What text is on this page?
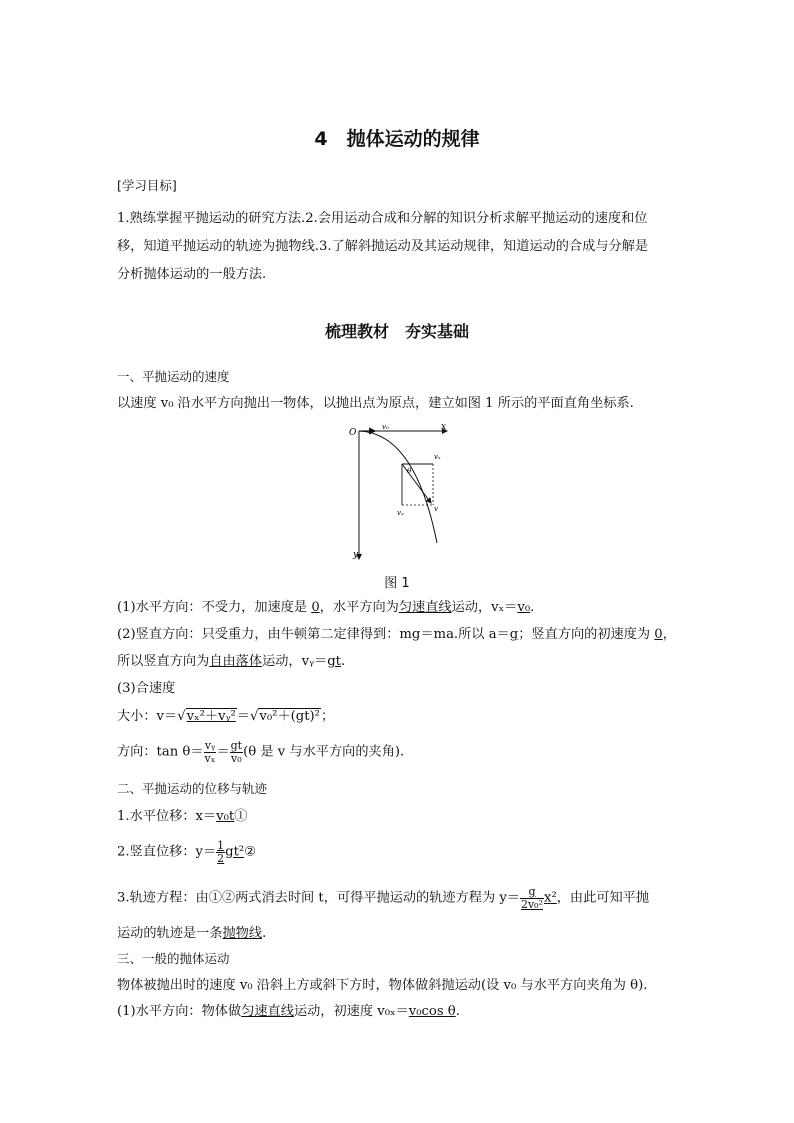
4　抛体运动的规律
[学习目标]
1.熟练掌握平抛运动的研究方法.2.会用运动合成和分解的知识分析求解平抛运动的速度和位
移，知道平抛运动的轨迹为抛物线.3.了解斜抛运动及其运动规律，知道运动的合成与分解是
分析抛体运动的一般方法.
梳理教材　夯实基础
一、平抛运动的速度
以速度 v₀ 沿水平方向抛出一物体，以抛出点为原点，建立如图 1 所示的平面直角坐标系.
O
x
y
v₀
vₓ
vᵧ	v
θ
图 1
(1)水平方向：不受力，加速度是 0，水平方向为匀速直线运动，vₓ＝v₀.
(2)竖直方向：只受重力，由牛顿第二定律得到：mg＝ma.所以 a＝g；竖直方向的初速度为 0，
所以竖直方向为自由落体运动，vᵧ＝gt.
(3)合速度
大小：v＝√vₓ²＋vᵧ²＝√v₀²＋(gt)²；
方向：$\tan \theta= \frac{\text{vᵧ}}{\text{vₓ}} = \frac{gt}{\text{v₀}} (\theta$ 是 v 与水平方向的夹角).
二、平抛运动的位移与轨迹
1.水平位移：x＝v₀t①
2.竖直位移：$y= \frac{1}{2}$ gt²②
3.轨迹方程：由①②两式消去时间 t，可得平抛运动的轨迹方程为 $y= \frac{g}{\text{2v₀²}} x^2$，由此可知平抛
运动的轨迹是一条抛物线.
三、一般的抛体运动
物体被抛出时的速度 v₀ 沿斜上方或斜下方时，物体做斜抛运动(设 v₀ 与水平方向夹角为 θ).
(1)水平方向：物体做匀速直线运动，初速度 v₀ₓ＝v₀cos θ.
